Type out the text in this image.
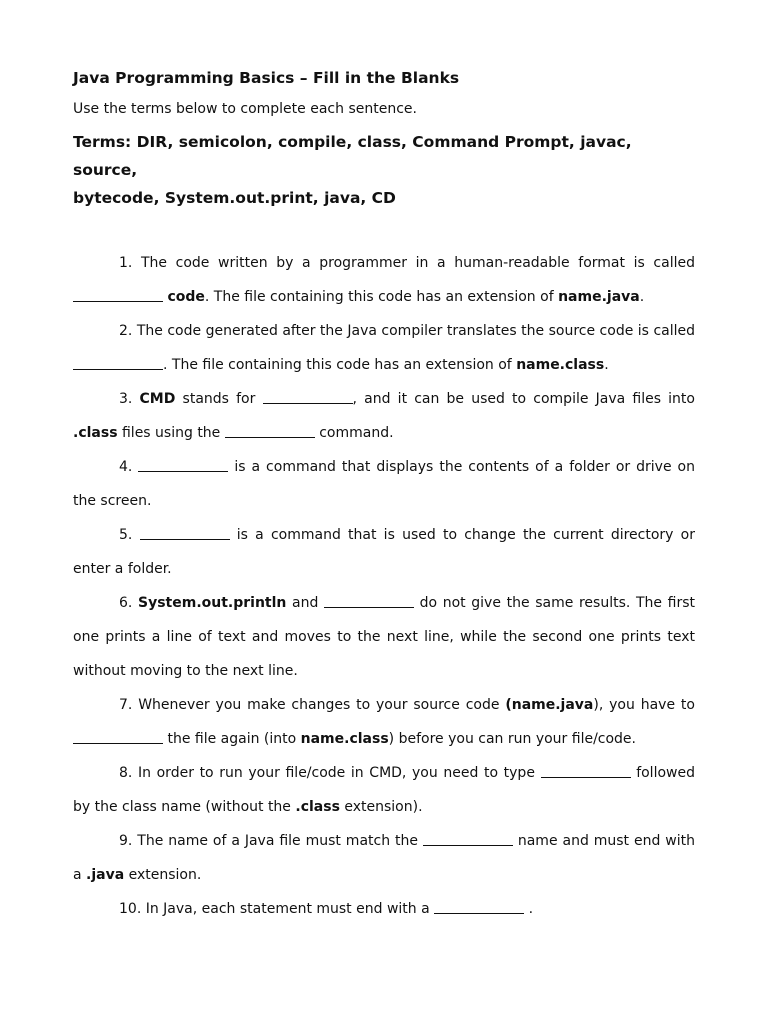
Java Programming Basics – Fill in the Blanks
Use the terms below to complete each sentence.
Terms: DIR, semicolon, compile, class, Command Prompt, javac, source,
bytecode, System.out.print, java, CD

1. The code written by a programmer in a human-readable format is called  code. The file containing this code has an extension of name.java.

2. The code generated after the Java compiler translates the source code is called . The file containing this code has an extension of name.class.

3. CMD stands for	, and it can be used to compile Java files into .class files using the	command.

4.	is a command that displays the contents of a folder or drive on the screen.

5.	is a command that is used to change the current directory or enter a folder.

6. System.out.println and	do not give the same results. The first one prints a line of text and moves to the next line, while the second one prints text without moving to the next line.

7. Whenever you make changes to your source code (name.java), you have to  the file again (into name.class) before you can run your file/code.

8. In order to run your file/code in CMD, you need to type	followed by the class name (without the .class extension).

9. The name of a Java file must match the	name and must end with a .java extension.

10. In Java, each statement must end with a	.
